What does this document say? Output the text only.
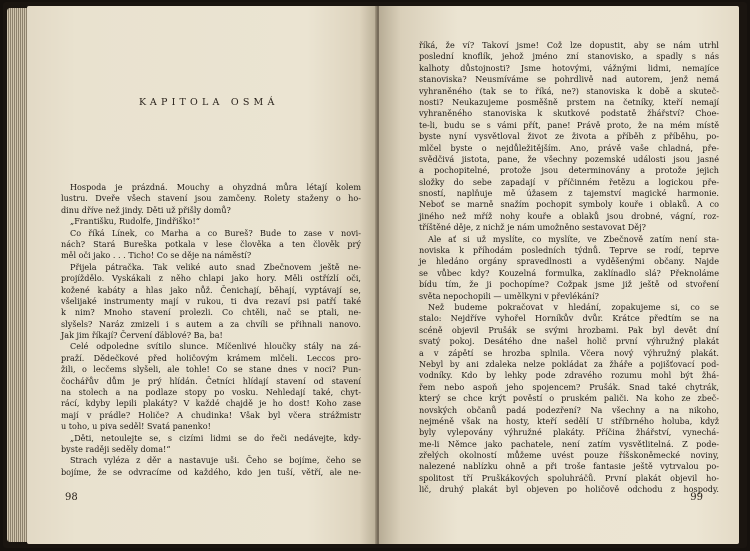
KAPITOLA OSMÁ
Hospoda je prázdná. Mouchy a ohyzdná můra létají kolem
lustru. Dveře všech stavení jsou zamčeny. Rolety staženy o ho-
dinu dříve než jindy. Děti už přišly domů?
„Františku, Rudolfe, Jindřiško!“
Co říká Línek, co Marha a co Bureš? Bude to zase v novi-
nách? Stará Bureška potkala v lese člověka a ten člověk prý
měl oči jako . . . Ticho! Co se děje na náměstí?
Přijela pátračka. Tak veliké auto snad Zbečnovem ještě ne-
projíždělo. Vyskákali z něho chlapi jako hory. Měli ostřízlí oči,
kožené kabáty a hlas jako nůž. Čenichají, běhají, vyptávají se,
všelijaké instrumenty mají v rukou, ti dva rezaví psi patří také
k nim? Mnoho stavení prolezli. Co chtěli, nač se ptali, ne-
slyšels? Naráz zmizeli i s autem a za chvíli se přihnali nanovo.
Jak jim říkají? Červení ďáblové? Ba, ba!
Celé odpoledne svítilo slunce. Míčenlivé hloučky stály na zá-
praží. Dědečkové před holičovým krámem mlčeli. Leccos pro-
žili, o lecčems slyšeli, ale tohle! Co se stane dnes v noci? Pun-
čochářův dům je prý hlídán. Četníci hlídají stavení od stavení
na stolech a na podlaze stopy po vosku. Nehledají také, chyt-
rácí, kdyby lepili plakáty? V každé chajdě je ho dost! Koho zase
mají v prádle? Holiče? A chudinka! Však byl včera strážmistr
u toho, u piva seděl! Svatá panenko!
„Děti, netoulejte se, s cizími lidmi se do řeči nedávejte, kdy-
byste raději seděly doma!“
Strach vyléza z děr a nastavuje uši. Čeho se bojíme, čeho se
bojíme, že se odvracíme od každého, kdo jen tuší, větří, ale ne-
98
říká, že ví? Takoví jsme! Což lze dopustit, aby se nám utrhl
poslední knoflík, jehož jméno zní stanovisko, a spadly s nás
kalhoty důstojnosti? Jsme hotovými, vážnými lidmi, nemajíce
stanoviska? Neusmíváme se pohrdlivě nad autorem, jenž nemá
vyhraněného (tak se to říká, ne?) stanoviska k době a skuteč-
nosti? Neukazujeme posměšně prstem na četníky, kteří nemají
vyhraněného stanoviska k skutkové podstatě žhářství? Choe-
te-li, budu se s vámi přít, pane! Právě proto, že na mém místě
byste nyní vysvětloval život ze života a příběh z příběhu, po-
mlčel byste o nejdůležitějším. Ano, právě vaše chladná, pře-
svědčivá jistota, pane, že všechny pozemské události jsou jasné
a pochopitelné, protože jsou determinovány a protože jejich
složky do sebe zapadají v příčinném řetězu a logickou pře-
sností, naplňuje mě úžasem z tajemství magické harmonie.
Neboť se marně snažím pochopit symboly kouře i oblaků. A co
jiného než mříž nohy kouře a oblaků jsou drobné, vágní, roz-
tříštěné děje, z nichž je nám umožněno sestavovat Děj?
Ale ať si už myslíte, co myslíte, ve Zbečnově zatím není sta-
noviska k příhodám posledních týdnů. Teprve se rodí, teprve
je hledáno orgány spravedlnosti a vyděšenými občany. Najde
se vůbec kdy? Kouzelná formulka, zaklínadlo slá? Překnoláme
bídu tím, že ji pochopíme? Cožpak jsme již ještě od stvoření
světa nepochopili — umělkyni v převlékání?
Než budeme pokračovat v hledání, zopakujeme si, co se
stalo: Nejdříve vyhořel Horníkův dvůr. Krátce předtím se na
scéně objevil Prušák se svými hrozbami. Pak byl devět dní
svatý pokoj. Desátého dne našel holič první výhružný plakát
a v zápětí se hrozba splnila. Včera nový výhružný plakát.
Nebyl by ani zdaleka nelze pokládat za žháře a pojišťovací pod-
vodníky. Kdo by lehky pode zdravého rozumu mohl být žhá-
řem nebo aspoň jeho spojencem? Prušák. Snad také chytrák,
který se chce krýt pověstí o pruském paliči. Na koho ze zbeč-
novských občanů padá podezření? Na všechny a na nikoho,
nejméně však na hosty, kteří sedělí U stříbrného holuba, když
byly vylepovány výhružné plakáty. Příčina žhářství, vynechá-
me-li Němce jako pachatele, není zatím vysvětlitelná. Z pode-
zřelých okolností můžeme uvést pouze říšskoněmecké noviny,
nalezené nablízku ohně a při troše fantasie ještě vytrvalou po-
spolitost tří Pruškákových spoluhráčů. První plakát objevil ho-
lič, druhý plakát byl objeven po holičově odchodu z hospody.
99
